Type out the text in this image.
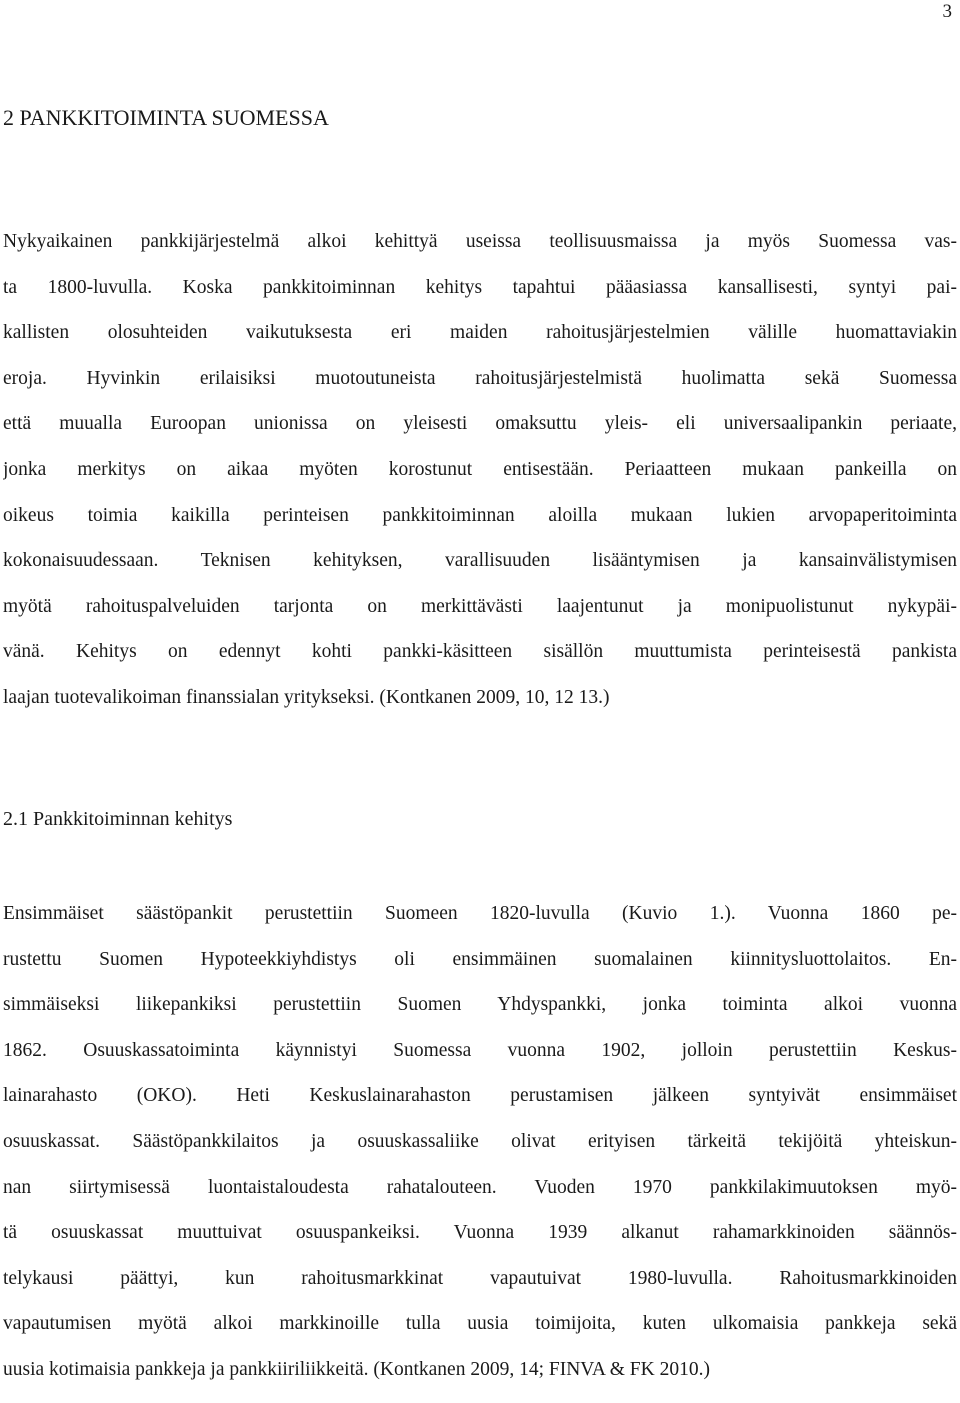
3
2 PANKKITOIMINTA SUOMESSA
Nykyaikainen pankkijärjestelmä alkoi kehittyä useissa teollisuusmaissa ja myös Suomessa vas-
ta 1800-luvulla. Koska pankkitoiminnan kehitys tapahtui pääasiassa kansallisesti, syntyi pai-
kallisten olosuhteiden vaikutuksesta eri maiden rahoitusjärjestelmien välille huomattaviakin
eroja. Hyvinkin erilaisiksi muotoutuneista rahoitusjärjestelmistä huolimatta sekä Suomessa
että muualla Euroopan unionissa on yleisesti omaksuttu yleis- eli universaalipankin periaate,
jonka merkitys on aikaa myöten korostunut entisestään. Periaatteen mukaan pankeilla on
oikeus toimia kaikilla perinteisen pankkitoiminnan aloilla mukaan lukien arvopaperitoiminta
kokonaisuudessaan. Teknisen kehityksen, varallisuuden lisääntymisen ja kansainvälistymisen
myötä rahoituspalveluiden tarjonta on merkittävästi laajentunut ja monipuolistunut nykypäi-
vänä. Kehitys on edennyt kohti pankki-käsitteen sisällön muuttumista perinteisestä pankista
laajan tuotevalikoiman finanssialan yritykseksi. (Kontkanen 2009, 10, 12 13.)
2.1 Pankkitoiminnan kehitys
Ensimmäiset säästöpankit perustettiin Suomeen 1820-luvulla (Kuvio 1.). Vuonna 1860 pe-
rustettu Suomen Hypoteekkiyhdistys oli ensimmäinen suomalainen kiinnitysluottolaitos. En-
simmäiseksi liikepankiksi perustettiin Suomen Yhdyspankki, jonka toiminta alkoi vuonna
1862. Osuuskassatoiminta käynnistyi Suomessa vuonna 1902, jolloin perustettiin Keskus-
lainarahasto (OKO). Heti Keskuslainarahaston perustamisen jälkeen syntyivät ensimmäiset
osuuskassat. Säästöpankkilaitos ja osuuskassaliike olivat erityisen tärkeitä tekijöitä yhteiskun-
nan siirtymisessä luontaistaloudesta rahatalouteen. Vuoden 1970 pankkilakimuutoksen myö-
tä osuuskassat muuttuivat osuuspankeiksi. Vuonna 1939 alkanut rahamarkkinoiden säännös-
telykausi päättyi, kun rahoitusmarkkinat vapautuivat 1980-luvulla. Rahoitusmarkkinoiden
vapautumisen myötä alkoi markkinoille tulla uusia toimijoita, kuten ulkomaisia pankkeja sekä
uusia kotimaisia pankkeja ja pankkiiriliikkeitä. (Kontkanen 2009, 14; FINVA & FK 2010.)
